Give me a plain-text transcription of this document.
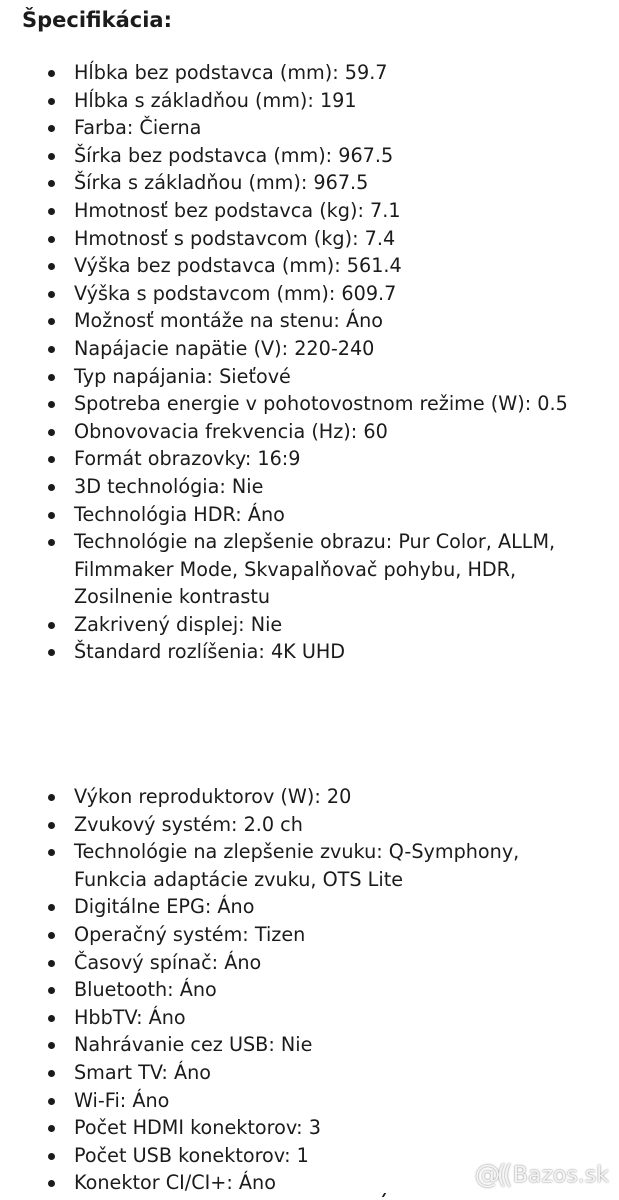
Špecifikácia:
Hĺbka bez podstavca (mm): 59.7
Hĺbka s základňou (mm): 191
Farba: Čierna
Šírka bez podstavca (mm): 967.5
Šírka s základňou (mm): 967.5
Hmotnosť bez podstavca (kg): 7.1
Hmotnosť s podstavcom (kg): 7.4
Výška bez podstavca (mm): 561.4
Výška s podstavcom (mm): 609.7
Možnosť montáže na stenu: Áno
Napájacie napätie (V): 220-240
Typ napájania: Sieťové
Spotreba energie v pohotovostnom režime (W): 0.5
Obnovovacia frekvencia (Hz): 60
Formát obrazovky: 16:9
3D technológia: Nie
Technológia HDR: Áno
Technológie na zlepšenie obrazu: Pur Color, ALLM, Filmmaker Mode, Skvapalňovač pohybu, HDR, Zosilnenie kontrastu
Zakrivený displej: Nie
Štandard rozlíšenia: 4K UHD
Výkon reproduktorov (W): 20
Zvukový systém: 2.0 ch
Technológie na zlepšenie zvuku: Q-Symphony, Funkcia adaptácie zvuku, OTS Lite
Digitálne EPG: Áno
Operačný systém: Tizen
Časový spínač: Áno
Bluetooth: Áno
HbbTV: Áno
Nahrávanie cez USB: Nie
Smart TV: Áno
Wi-Fi: Áno
Počet HDMI konektorov: 3
Počet USB konektorov: 1
Konektor CI/CI+: Áno	@(( Bazos.sk
